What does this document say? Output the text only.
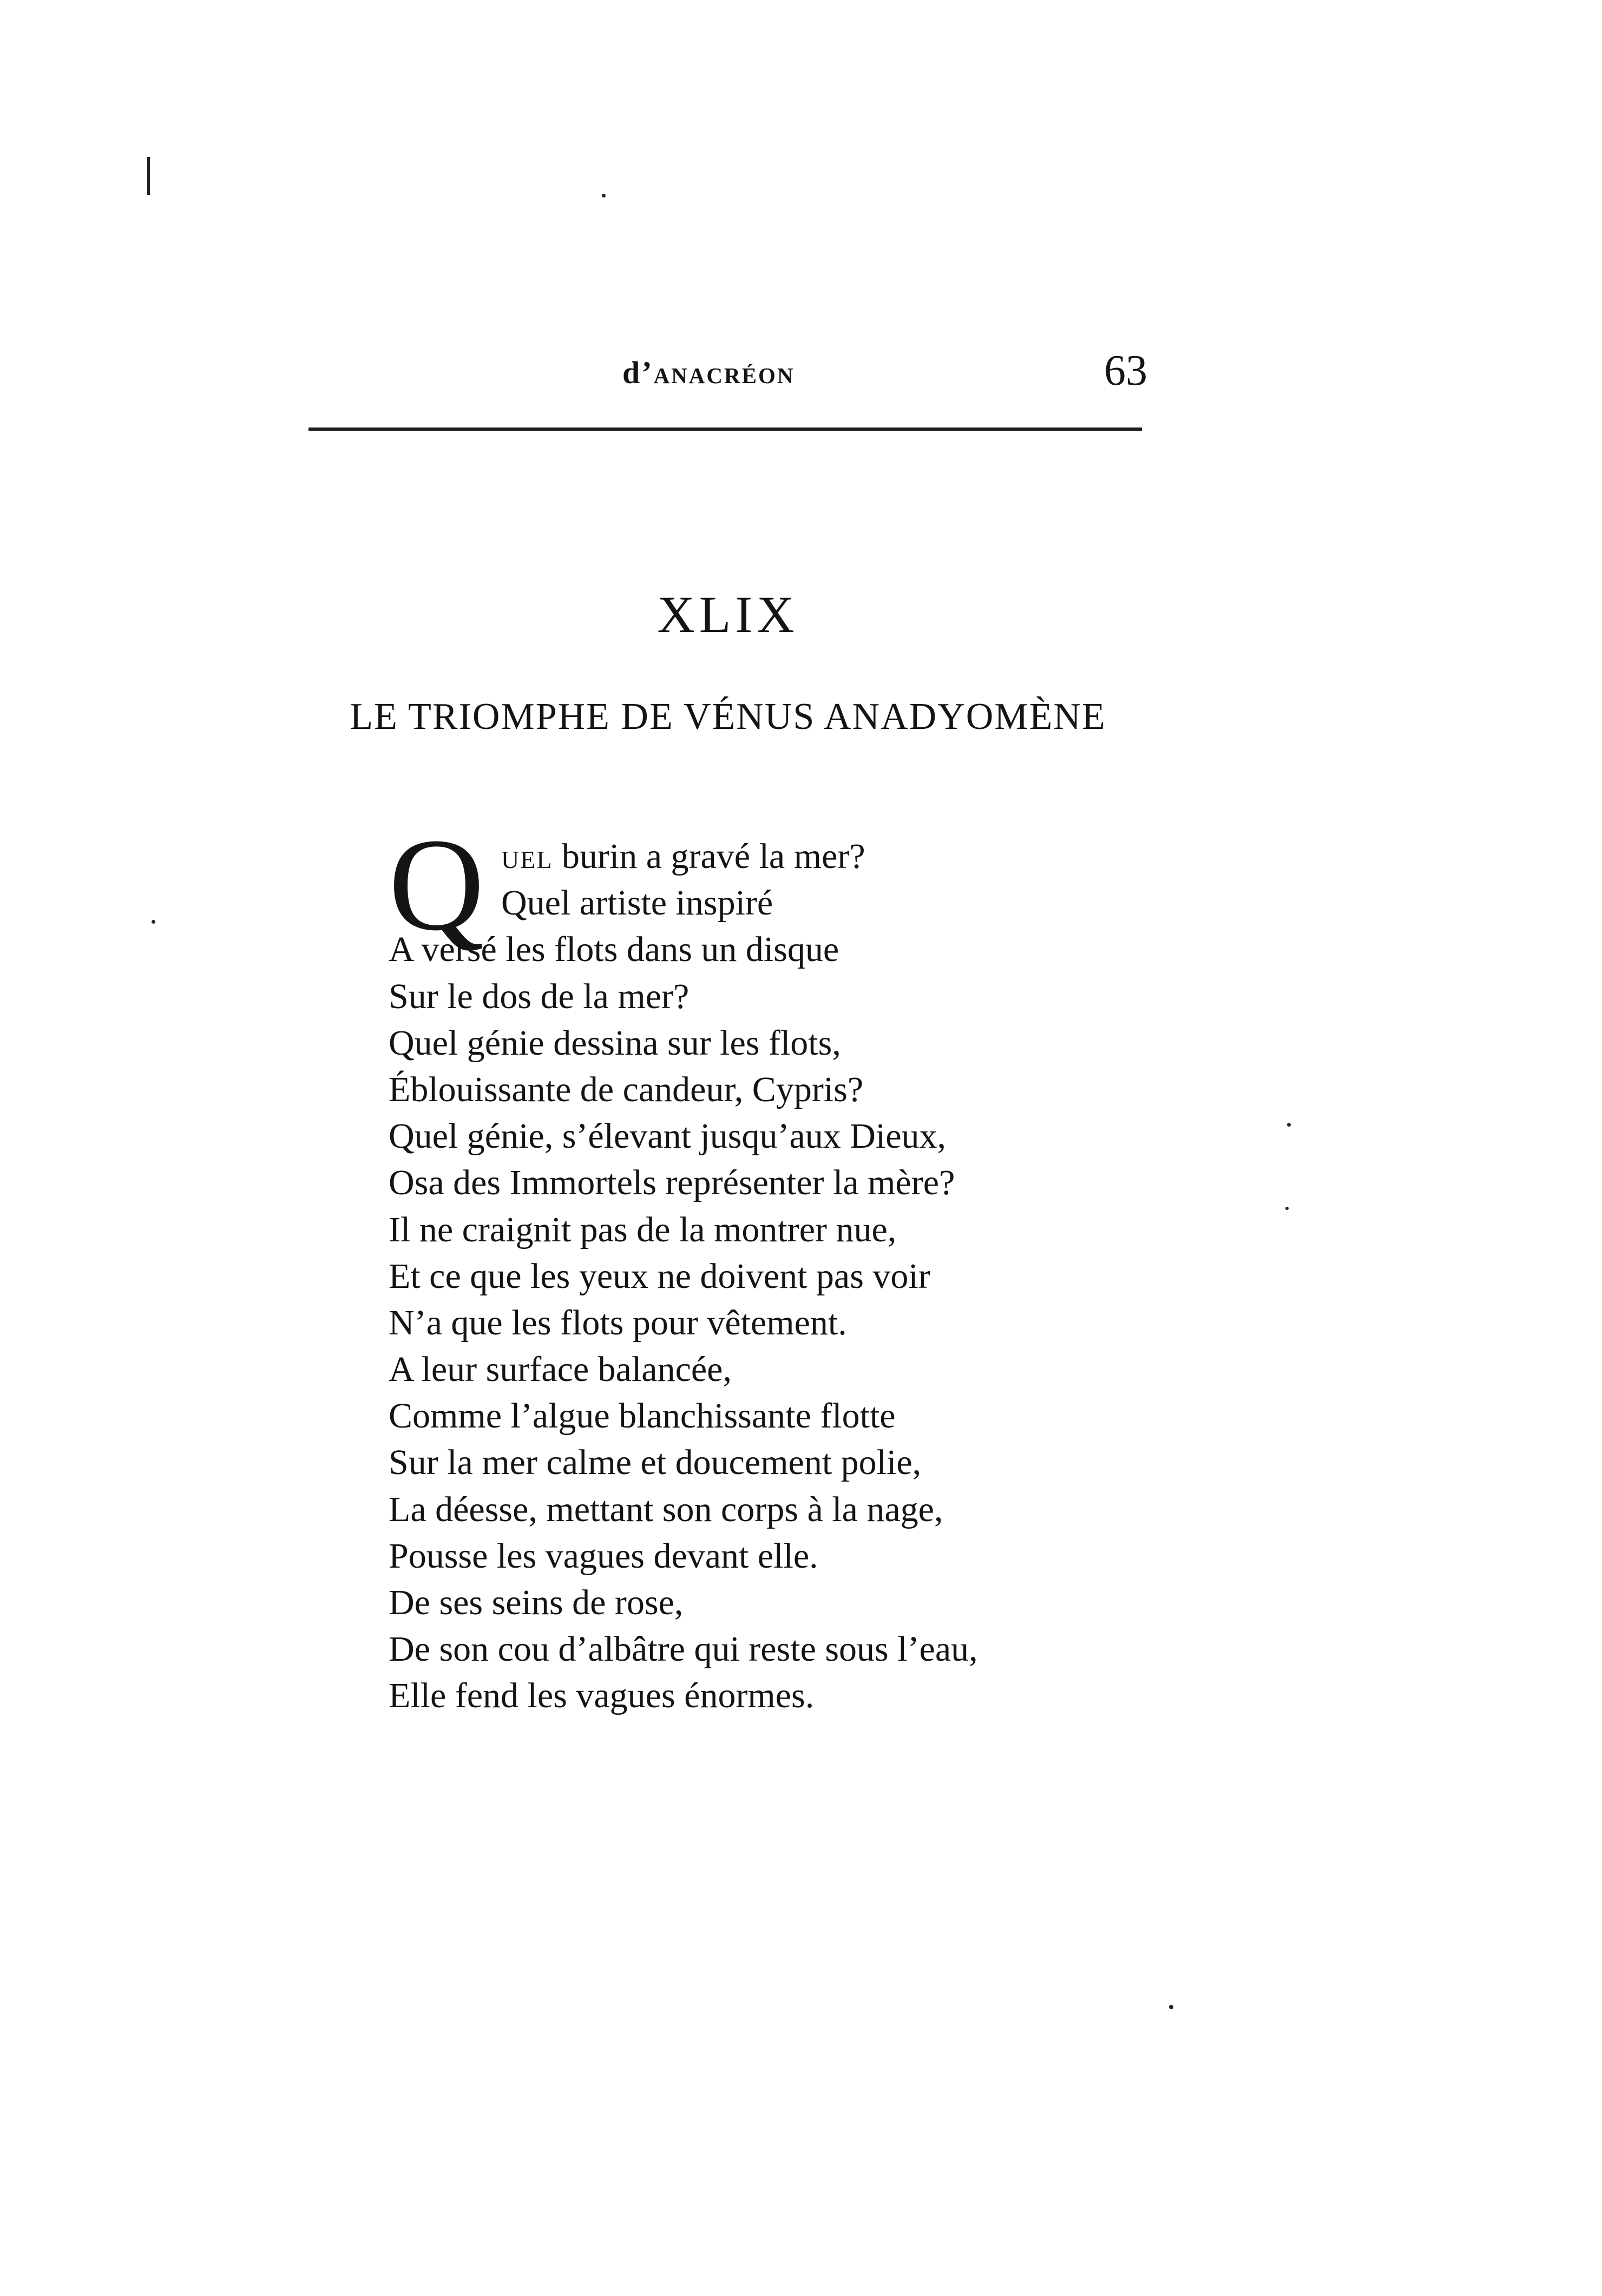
d’anacréon	63
XLIX
LE TRIOMPHE DE VÉNUS ANADYOMÈNE
Q uel burin a gravé la mer?
Quel artiste inspiré
A versé les flots dans un disque
Sur le dos de la mer?
Quel génie dessina sur les flots,
Éblouissante de candeur, Cypris?
Quel génie, s’élevant jusqu’aux Dieux,
Osa des Immortels représenter la mère?
Il ne craignit pas de la montrer nue,
Et ce que les yeux ne doivent pas voir
N’a que les flots pour vêtement.
A leur surface balancée,
Comme l’algue blanchissante flotte
Sur la mer calme et doucement polie,
La déesse, mettant son corps à la nage,
Pousse les vagues devant elle.
De ses seins de rose,
De son cou d’albâtre qui reste sous l’eau,
Elle fend les vagues énormes.
